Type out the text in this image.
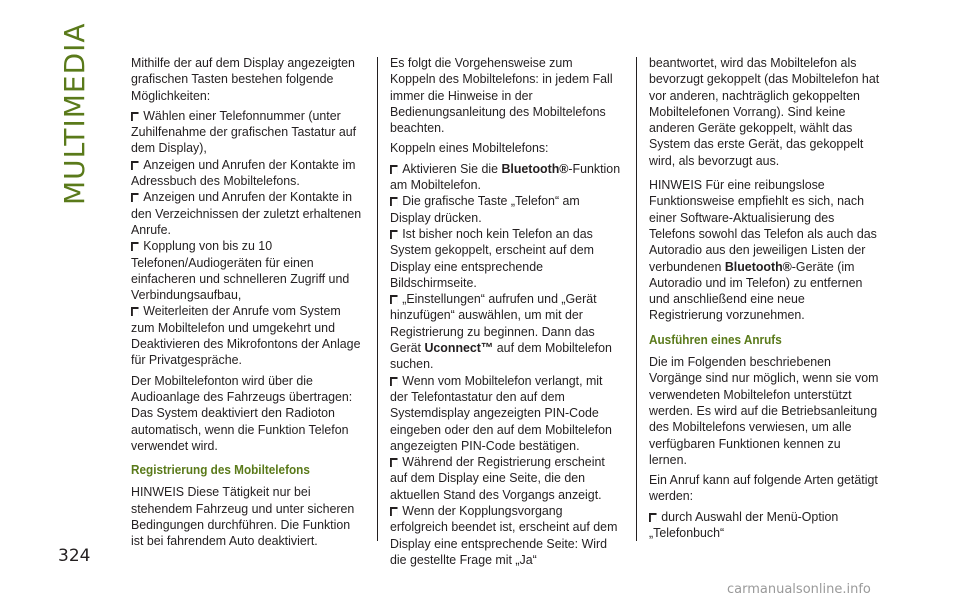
MULTIMEDIA
324

Mithilfe der auf dem Display angezeigten grafischen Tasten bestehen folgende Möglichkeiten:

Wählen einer Telefonnummer (unter Zuhilfenahme der grafischen Tastatur auf dem Display),
Anzeigen und Anrufen der Kontakte im Adressbuch des Mobiltelefons.
Anzeigen und Anrufen der Kontakte in den Verzeichnissen der zuletzt erhaltenen Anrufe.
Kopplung von bis zu 10 Telefonen/Audiogeräten für einen einfacheren und schnelleren Zugriff und Verbindungsaufbau,
Weiterleiten der Anrufe vom System zum Mobiltelefon und umgekehrt und Deaktivieren des Mikrofontons der Anlage für Privatgespräche.

Der Mobiltelefonton wird über die Audioanlage des Fahrzeugs übertragen: Das System deaktiviert den Radioton automatisch, wenn die Funktion Telefon verwendet wird.

Registrierung des Mobiltelefons

HINWEIS Diese Tätigkeit nur bei stehendem Fahrzeug und unter sicheren Bedingungen durchführen. Die Funktion ist bei fahrendem Auto deaktiviert.

Es folgt die Vorgehensweise zum Koppeln des Mobiltelefons: in jedem Fall immer die Hinweise in der Bedienungsanleitung des Mobiltelefons beachten.

Koppeln eines Mobiltelefons:

Aktivieren Sie die Bluetooth®-Funktion am Mobiltelefon.
Die grafische Taste „Telefon“ am Display drücken.
Ist bisher noch kein Telefon an das System gekoppelt, erscheint auf dem Display eine entsprechende Bildschirmseite.
„Einstellungen“ aufrufen und „Gerät hinzufügen“ auswählen, um mit der Registrierung zu beginnen. Dann das Gerät Uconnect™ auf dem Mobiltelefon suchen.
Wenn vom Mobiltelefon verlangt, mit der Telefontastatur den auf dem Systemdisplay angezeigten PIN-Code eingeben oder den auf dem Mobiltelefon angezeigten PIN-Code bestätigen.
Während der Registrierung erscheint auf dem Display eine Seite, die den aktuellen Stand des Vorgangs anzeigt.
Wenn der Kopplungsvorgang erfolgreich beendet ist, erscheint auf dem Display eine entsprechende Seite: Wird die gestellte Frage mit „Ja“

beantwortet, wird das Mobiltelefon als bevorzugt gekoppelt (das Mobiltelefon hat vor anderen, nachträglich gekoppelten Mobiltelefonen Vorrang). Sind keine anderen Geräte gekoppelt, wählt das System das erste Gerät, das gekoppelt wird, als bevorzugt aus.

HINWEIS Für eine reibungslose Funktionsweise empfiehlt es sich, nach einer Software-Aktualisierung des Telefons sowohl das Telefon als auch das Autoradio aus den jeweiligen Listen der verbundenen Bluetooth®-Geräte (im Autoradio und im Telefon) zu entfernen und anschließend eine neue Registrierung vorzunehmen.

Ausführen eines Anrufs

Die im Folgenden beschriebenen Vorgänge sind nur möglich, wenn sie vom verwendeten Mobiltelefon unterstützt werden. Es wird auf die Betriebsanleitung des Mobiltelefons verwiesen, um alle verfügbaren Funktionen kennen zu lernen.

Ein Anruf kann auf folgende Arten getätigt werden:

durch Auswahl der Menü-Option „Telefonbuch“
carmanualsonline.info
